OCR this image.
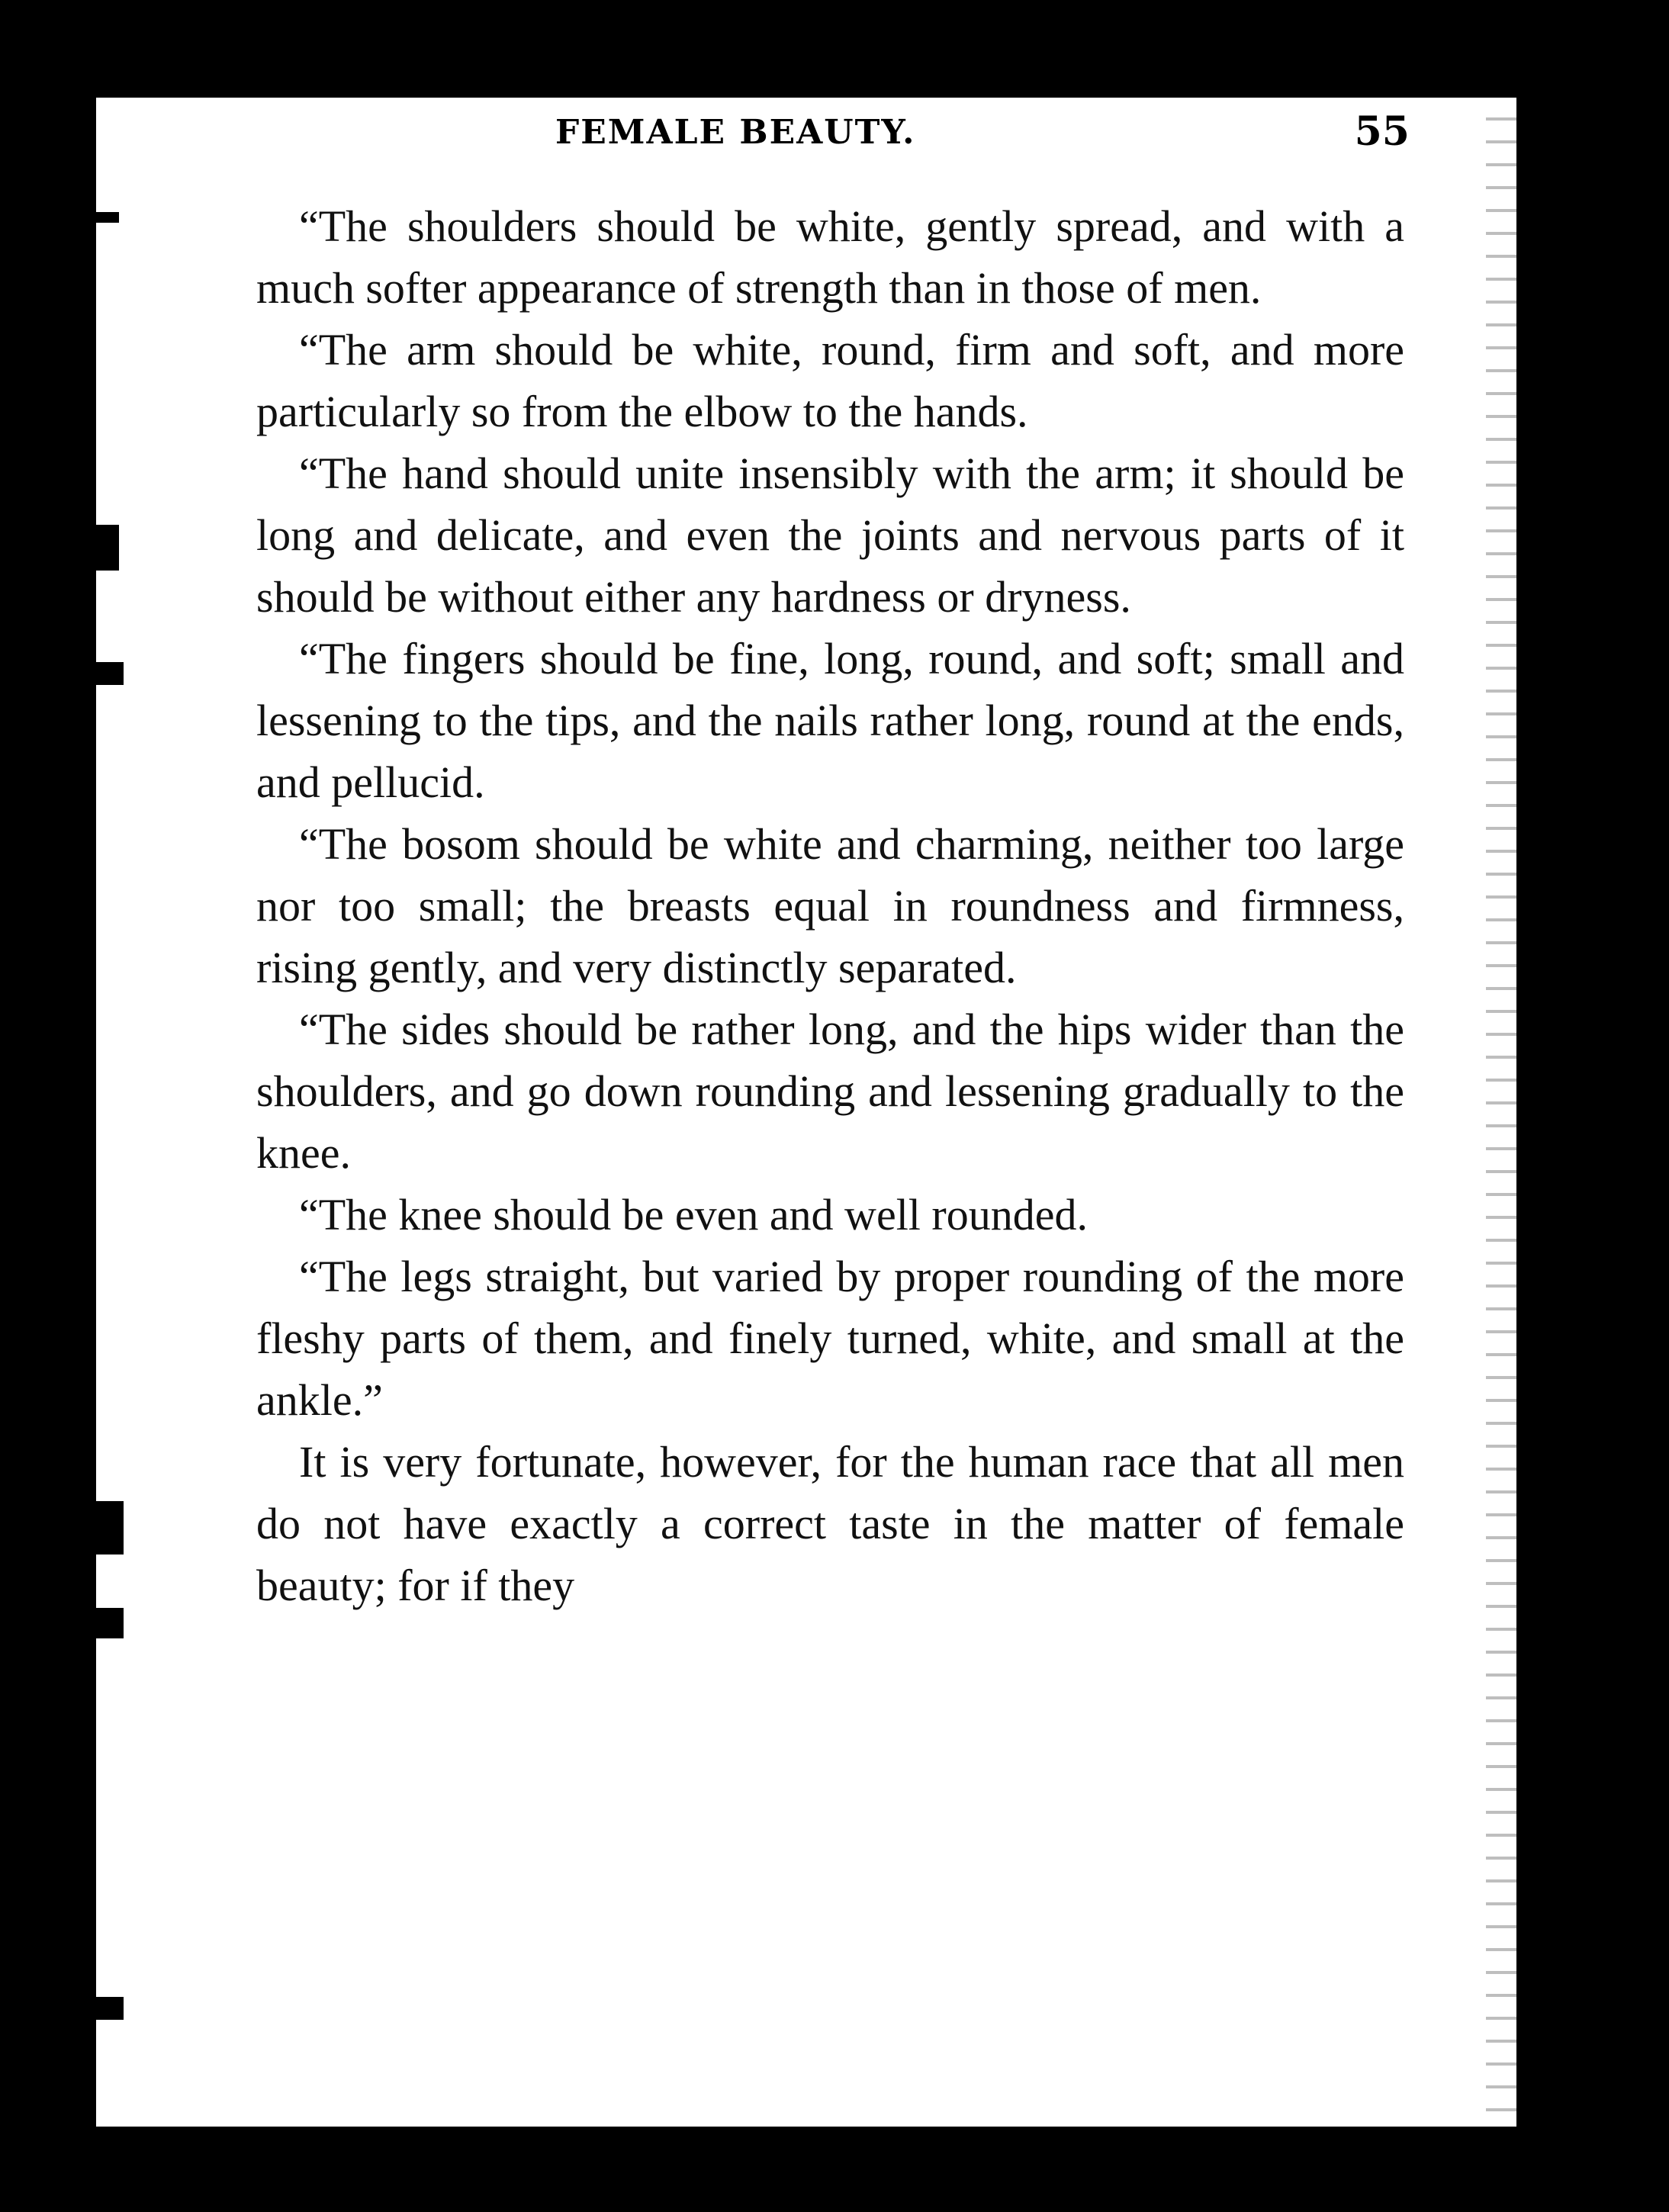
FEMALE BEAUTY.	55

“The shoulders should be white, gently spread, and with a much softer appearance of strength than in those of men.

“The arm should be white, round, firm and soft, and more particularly so from the elbow to the hands.

“The hand should unite insensibly with the arm; it should be long and delicate, and even the joints and nervous parts of it should be without either any hardness or dryness.

“The fingers should be fine, long, round, and soft; small and lessening to the tips, and the nails rather long, round at the ends, and pellucid.

“The bosom should be white and charming, neither too large nor too small; the breasts equal in roundness and firmness, rising gently, and very distinctly separated.

“The sides should be rather long, and the hips wider than the shoulders, and go down rounding and lessening gradually to the knee.

“The knee should be even and well rounded.

“The legs straight, but varied by proper rounding of the more fleshy parts of them, and finely turned, white, and small at the ankle.”

It is very fortunate, however, for the human race that all men do not have exactly a correct taste in the matter of female beauty; for if they
